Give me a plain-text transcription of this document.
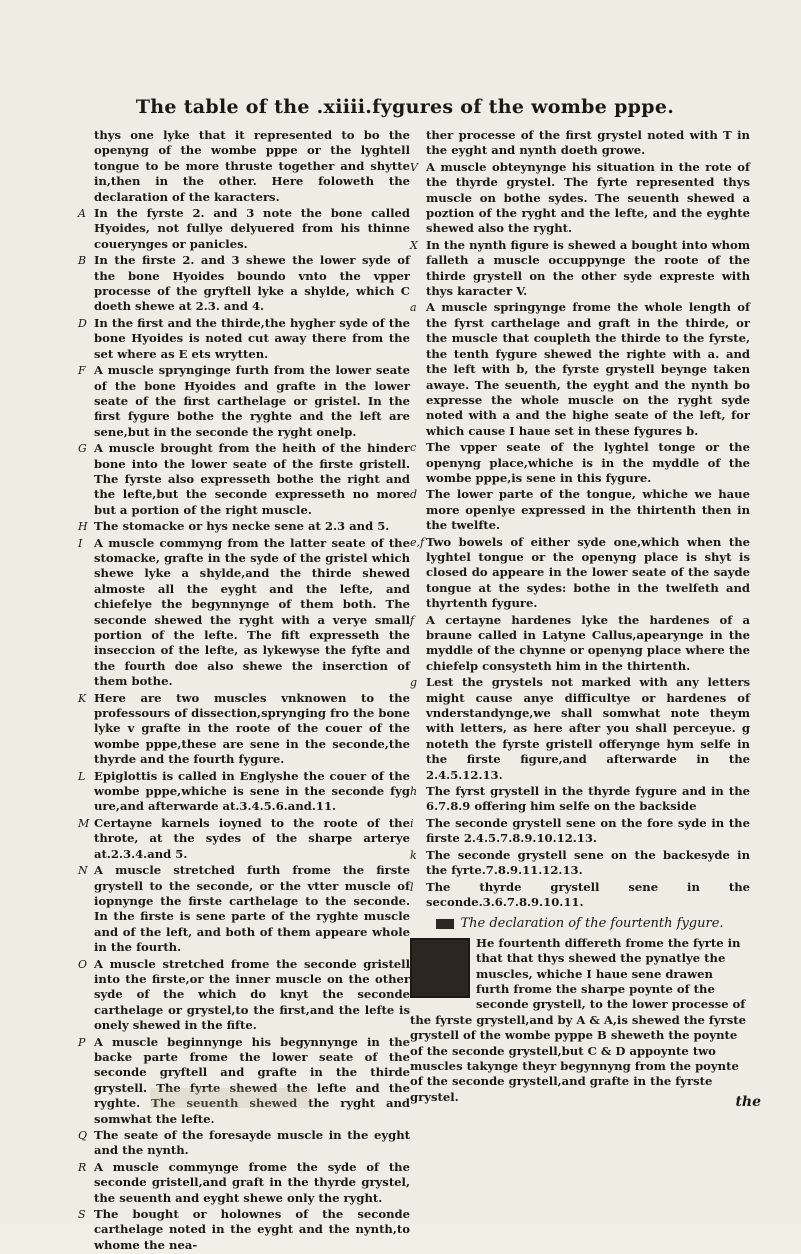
The table of the .xiiii.fygures of the wombe pppe.
thys one lyke that it represented to bo the openyng of the wombe pppe or the lyghtell tongue to be more thruste together and shytte in,then in the other. Here foloweth the declaration of the karacters.
A In the fyrste 2. and 3 note the bone called Hyoides, not fullye delyuered from his thinne couerynges or panicles.
B In the firste 2. and 3 shewe the lower syde of the bone Hyoides boundo vnto the vpper processe of the gryftell lyke a shylde, which C doeth shewe at 2.3. and 4.
D In the first and the thirde,the hygher syde of the bone Hyoides is noted cut away there from the set where as E ets wrytten.
F A muscle sprynginge furth from the lower seate of the bone Hyoides and grafte in the lower seate of the first carthelage or gristel. In the first fygure bothe the ryghte and the left are sene,but in the seconde the ryght onelp.
G A muscle brought from the heith of the hinder bone into the lower seate of the firste gristell. The fyrste also expresseth bothe the right and the lefte,but the seconde expresseth no more but a portion of the right muscle.
H The stomacke or hys necke sene at 2.3 and 5.
I	A muscle commyng from the latter seate of the stomacke, grafte in the syde of the gristel which shewe lyke a shylde,and the thirde shewed almoste all the eyght and the lefte, and chiefelye the begynnynge of them both. The seconde shewed the ryght with a verye small portion of the lefte. The fift expresseth the inseccion of the lefte, as lykewyse the fyfte and the fourth doe also shewe the inserction of them bothe.
K Here are two muscles vnknowen to the professours of dissection,sprynging fro the bone lyke v grafte in the roote of the couer of the wombe pppe,these are sene in the seconde,the thyrde and the fourth fygure.
L Epiglottis is called in Englyshe the couer of the wombe pppe,whiche is sene in the seconde fyg ure,and afterwarde at.3.4.5.6.and.11.
M Certayne karnels ioyned to the roote of the throte, at the sydes of the sharpe arterye at.2.3.4.and 5.
N A muscle stretched furth frome the firste grystell to the seconde, or the vtter muscle of iopnynge the firste carthelage to the seconde. In the firste is sene parte of the ryghte muscle and of the left, and both of them appeare whole in the fourth.
O A muscle stretched frome the seconde gristell into the firste,or the inner muscle on the other syde of the which do knyt the seconde carthelage or grystel,to the first,and the lefte is onely shewed in the fifte.
P A muscle beginnynge his begynnynge in the backe parte frome the lower seate of the seconde gryftell and grafte in the thirde grystell. The fyrte shewed the lefte and the ryghte. The seuenth shewed the ryght and somwhat the lefte.
Q The seate of the foresayde muscle in the eyght and the nynth.
R A muscle commynge frome the syde of the seconde gristell,and graft in the thyrde grystel, the seuenth and eyght shewe only the ryght.
S The bought or holownes of the seconde carthelage noted in the eyght and the nynth,to whome the nea-
ther processe of the first grystel noted with T in the eyght and nynth doeth growe.
V A muscle obteynynge his situation in the rote of the thyrde grystel. The fyrte represented thys muscle on bothe sydes. The seuenth shewed a poztion of the ryght and the lefte, and the eyghte shewed also the ryght.
X In the nynth figure is shewed a bought into whom falleth a muscle occuppynge the roote of the thirde grystell on the other syde expreste with thys karacter V.
a A muscle springynge frome the whole length of the fyrst carthelage and graft in the thirde, or the muscle that coupleth the thirde to the fyrste, the tenth fygure shewed the righte with a. and the left with b, the fyrste grystell beynge taken awaye. The seuenth, the eyght and the nynth bo expresse the whole muscle on the ryght syde noted with a and the highe seate of the left, for which cause I haue set in these fygures b.
c The vpper seate of the lyghtel tonge or the openyng place,whiche is in the myddle of the wombe pppe,is sene in this fygure.
d The lower parte of the tongue, whiche we haue more openlye expressed in the thirtenth then in the twelfte.
e,f Two bowels of either syde one,which when the lyghtel tongue or the openyng place is shyt is closed do appeare in the lower seate of the sayde tongue at the sydes: bothe in the twelfeth and thyrtenth fygure.
f	A certayne hardenes lyke the hardenes of a braune called in Latyne Callus,apearynge in the myddle of the chynne or openyng place where the chiefelp consysteth him in the thirtenth.
g Lest the grystels not marked with any letters might cause anye difficultye or hardenes of vnderstandynge,we shall somwhat note theym with letters, as here after you shall perceyue. g noteth the fyrste gristell offerynge hym selfe in the firste figure,and afterwarde in the 2.4.5.12.13.
h The fyrst grystell in the thyrde fygure and in the 6.7.8.9 offering him selfe on the backside
i	The seconde grystell sene on the fore syde in the firste 2.4.5.7.8.9.10.12.13.
k The seconde grystell sene on the backesyde in the fyrte.7.8.9.11.12.13.
l	The thyrde grystell sene in the seconde.3.6.7.8.9.10.11.
The declaration of the fourtenth fygure.
He fourtenth differeth frome the fyrte in that that thys shewed the pynatlye the muscles, whiche I haue sene drawen furth frome the sharpe poynte of the seconde grystell, to the lower processe of the fyrste grystell,and by A & A,is shewed the fyrste grystell of the wombe pyppe B sheweth the poynte of the seconde grystell,but C & D appoynte two muscles takynge theyr begynnyng from the poynte of the seconde grystell,and grafte in the fyrste grystel.	the
